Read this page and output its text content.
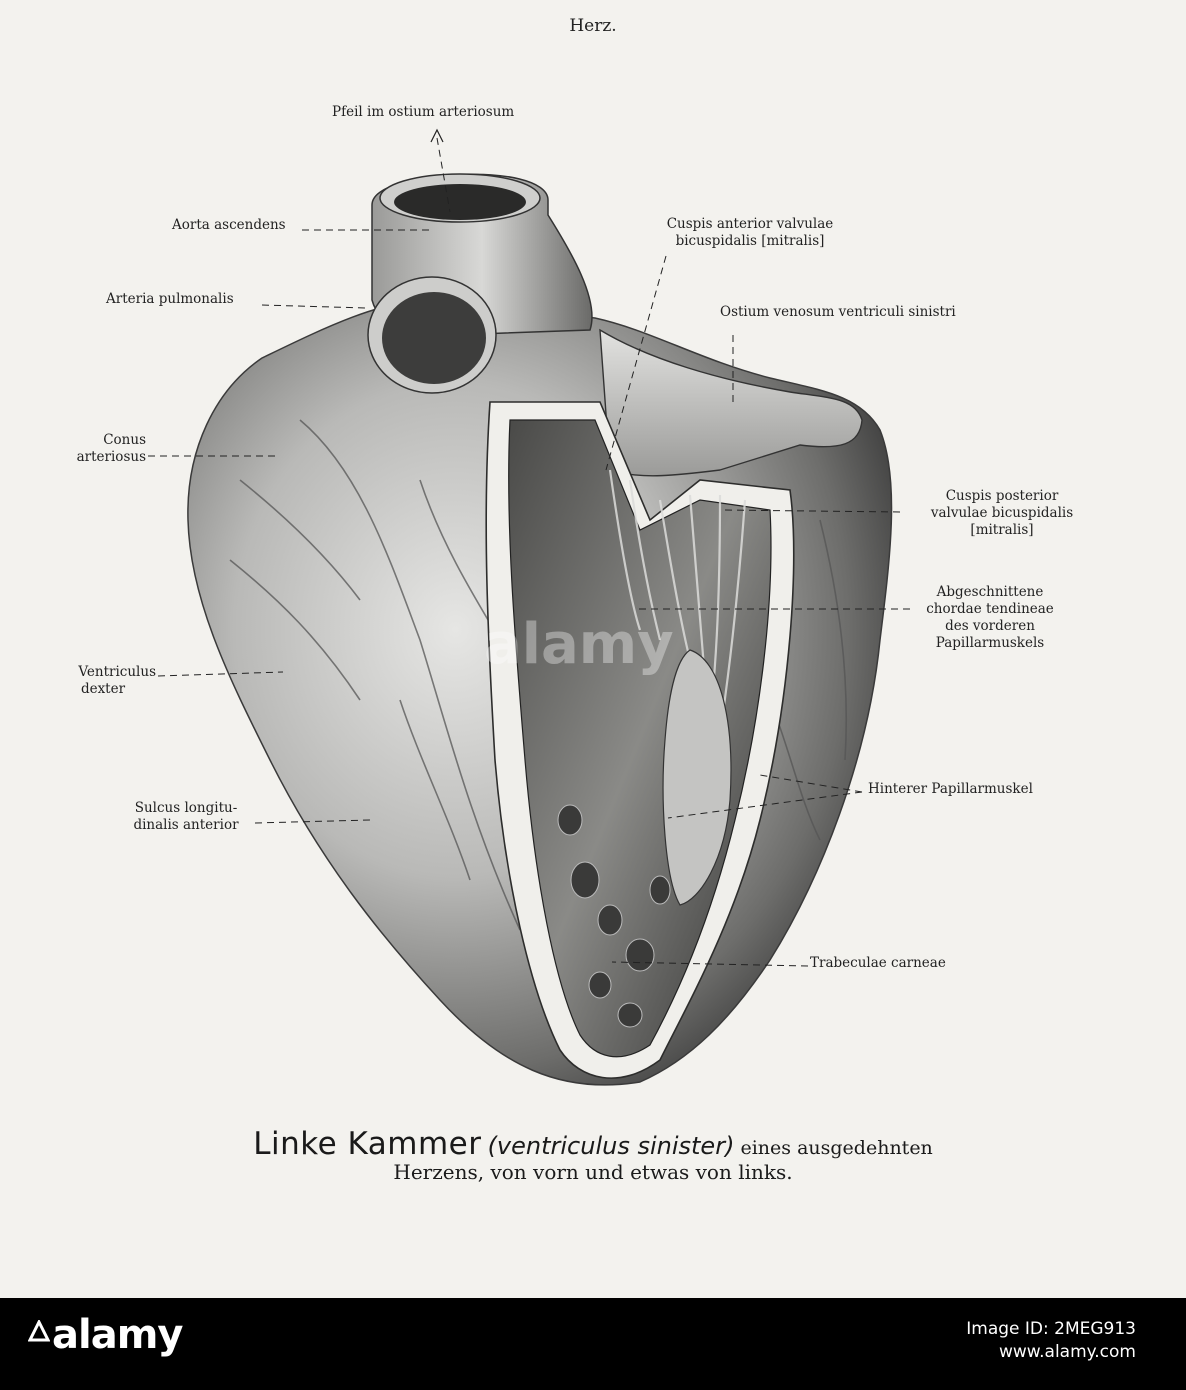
alamy
Herz.
Pfeil im ostium arteriosum
Aorta ascendens
Arteria pulmonalis
Conus
arteriosus
Ventriculus
dexter
Sulcus longitu-
dinalis anterior
Cuspis anterior valvulae
bicuspidalis [mitralis]
Ostium venosum ventriculi sinistri
Cuspis posterior
valvulae bicuspidalis
[mitralis]
Abgeschnittene
chordae tendineae
des vorderen
Papillarmuskels
Hinterer Papillarmuskel
Trabeculae carneae
Linke Kammer (ventriculus sinister) eines ausgedehnten
Herzens, von vorn und etwas von links.
alamy	Image ID: 2MEG913
www.alamy.com
